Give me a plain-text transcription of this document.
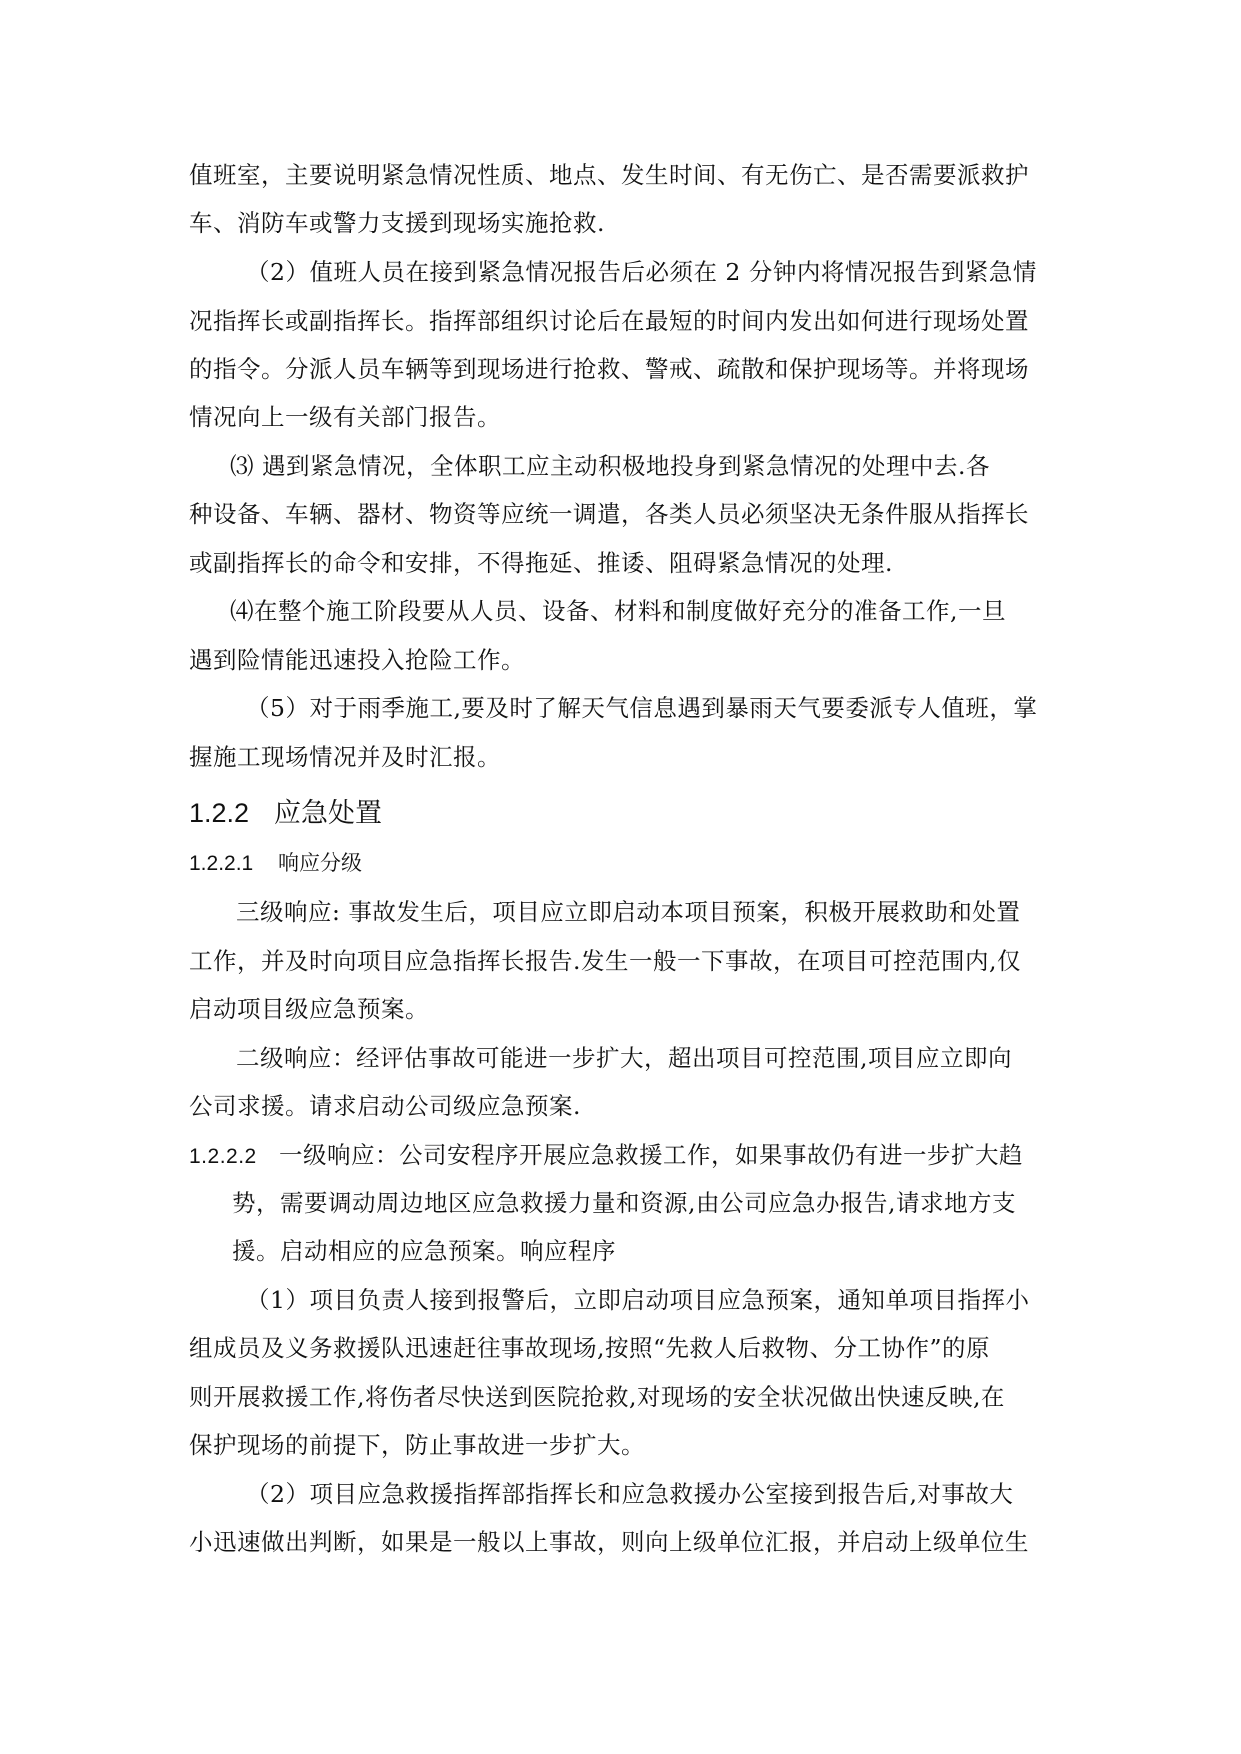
值班室，主要说明紧急情况性质、地点、发生时间、有无伤亡、是否需要派救护
车、消防车或警力支援到现场实施抢救.
（2）值班人员在接到紧急情况报告后必须在 2 分钟内将情况报告到紧急情
况指挥长或副指挥长。指挥部组织讨论后在最短的时间内发出如何进行现场处置
的指令。分派人员车辆等到现场进行抢救、警戒、疏散和保护现场等。并将现场
情况向上一级有关部门报告。
⑶ 遇到紧急情况，全体职工应主动积极地投身到紧急情况的处理中去.各
种设备、车辆、器材、物资等应统一调遣，各类人员必须坚决无条件服从指挥长
或副指挥长的命令和安排，不得拖延、推诿、阻碍紧急情况的处理.
⑷在整个施工阶段要从人员、设备、材料和制度做好充分的准备工作,一旦
遇到险情能迅速投入抢险工作。
（5）对于雨季施工,要及时了解天气信息遇到暴雨天气要委派专人值班，掌
握施工现场情况并及时汇报。
1.2.2 应急处置
1.2.2.1 响应分级
三级响应: 事故发生后，项目应立即启动本项目预案，积极开展救助和处置
工作，并及时向项目应急指挥长报告.发生一般一下事故，在项目可控范围内,仅
启动项目级应急预案。
二级响应：经评估事故可能进一步扩大，超出项目可控范围,项目应立即向
公司求援。请求启动公司级应急预案.
1.2.2.2 一级响应：公司安程序开展应急救援工作，如果事故仍有进一步扩大趋
势，需要调动周边地区应急救援力量和资源,由公司应急办报告,请求地方支
援。启动相应的应急预案。响应程序
（1）项目负责人接到报警后，立即启动项目应急预案，通知单项目指挥小
组成员及义务救援队迅速赶往事故现场,按照“先救人后救物、分工协作”的原
则开展救援工作,将伤者尽快送到医院抢救,对现场的安全状况做出快速反映,在
保护现场的前提下，防止事故进一步扩大。
（2）项目应急救援指挥部指挥长和应急救援办公室接到报告后,对事故大
小迅速做出判断，如果是一般以上事故，则向上级单位汇报，并启动上级单位生
